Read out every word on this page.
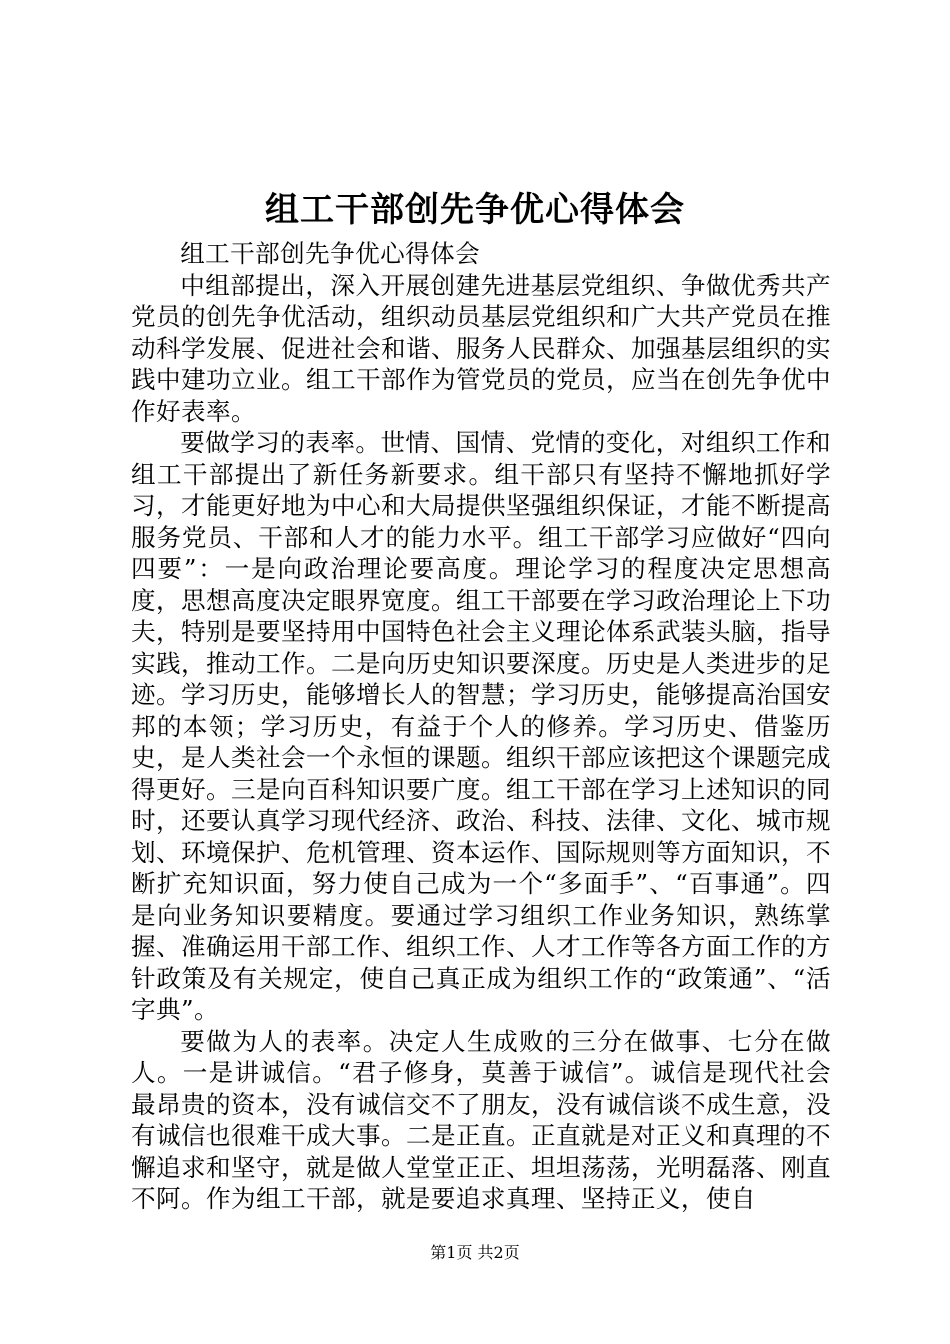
组工干部创先争优心得体会

组工干部创先争优心得体会

中组部提出，深入开展创建先进基层党组织、争做优秀共产党员的创先争优活动，组织动员基层党组织和广大共产党员在推动科学发展、促进社会和谐、服务人民群众、加强基层组织的实践中建功立业。组工干部作为管党员的党员，应当在创先争优中作好表率。

要做学习的表率。世情、国情、党情的变化，对组织工作和组工干部提出了新任务新要求。组干部只有坚持不懈地抓好学习，才能更好地为中心和大局提供坚强组织保证，才能不断提高服务党员、干部和人才的能力水平。组工干部学习应做好“四向四要”：一是向政治理论要高度。理论学习的程度决定思想高度，思想高度决定眼界宽度。组工干部要在学习政治理论上下功夫，特别是要坚持用中国特色社会主义理论体系武装头脑，指导实践，推动工作。二是向历史知识要深度。历史是人类进步的足迹。学习历史，能够增长人的智慧；学习历史，能够提高治国安邦的本领；学习历史，有益于个人的修养。学习历史、借鉴历史，是人类社会一个永恒的课题。组织干部应该把这个课题完成得更好。三是向百科知识要广度。组工干部在学习上述知识的同时，还要认真学习现代经济、政治、科技、法律、文化、城市规划、环境保护、危机管理、资本运作、国际规则等方面知识，不断扩充知识面，努力使自己成为一个“多面手”、“百事通”。四是向业务知识要精度。要通过学习组织工作业务知识，熟练掌握、准确运用干部工作、组织工作、人才工作等各方面工作的方针政策及有关规定，使自己真正成为组织工作的“政策通”、“活字典”。

要做为人的表率。决定人生成败的三分在做事、七分在做人。一是讲诚信。“君子修身，莫善于诚信”。诚信是现代社会最昂贵的资本，没有诚信交不了朋友，没有诚信谈不成生意，没有诚信也很难干成大事。二是正直。正直就是对正义和真理的不懈追求和坚守，就是做人堂堂正正、坦坦荡荡，光明磊落、刚直不阿。作为组工干部，就是要追求真理、坚持正义，使自

第1页 共2页
